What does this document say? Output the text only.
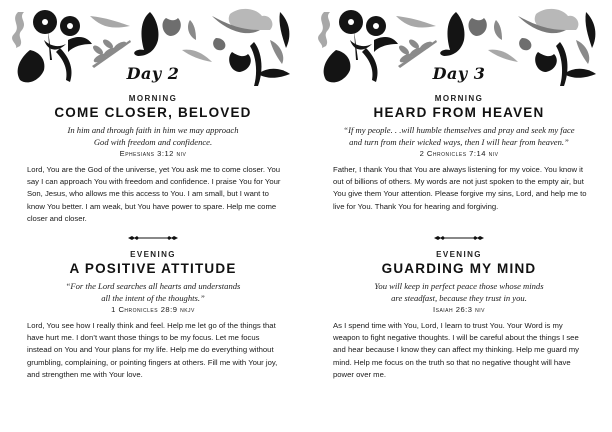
Day 2
MORNING
COME CLOSER, BELOVED
In him and through faith in him we may approach
God with freedom and confidence.
Ephesians 3:12 niv
Lord, You are the God of the universe, yet You ask me to come closer. You say I can approach You with freedom and confidence. I praise You for Your Son, Jesus, who allows me this access to You. I am small, but I want to know You better. I am weak, but You have power to spare. Help me come closer and closer.
EVENING
A POSITIVE ATTITUDE
“For the Lord searches all hearts and understands
all the intent of the thoughts.”
1 Chronicles 28:9 nkjv
Lord, You see how I really think and feel. Help me let go of the things that have hurt me. I don’t want those things to be my focus. Let me focus instead on You and Your plans for my life. Help me do everything without grumbling, complaining, or pointing fingers at others. Fill me with Your joy, and strengthen me with Your love.
Day 3
MORNING
HEARD FROM HEAVEN
“If my people. . .will humble themselves and pray and seek my face
and turn from their wicked ways, then I will hear from heaven.”
2 Chronicles 7:14 niv
Father, I thank You that You are always listening for my voice. You know it out of billions of others. My words are not just spoken to the empty air, but You give them Your attention. Please forgive my sins, Lord, and help me to live for You. Thank You for hearing and forgiving.
EVENING
GUARDING MY MIND
You will keep in perfect peace those whose minds
are steadfast, because they trust in you.
Isaiah 26:3 niv
As I spend time with You, Lord, I learn to trust You. Your Word is my weapon to fight negative thoughts. I will be careful about the things I see and hear because I know they can affect my thinking. Help me guard my mind. Help me focus on the truth so that no negative thought will have power over me.
